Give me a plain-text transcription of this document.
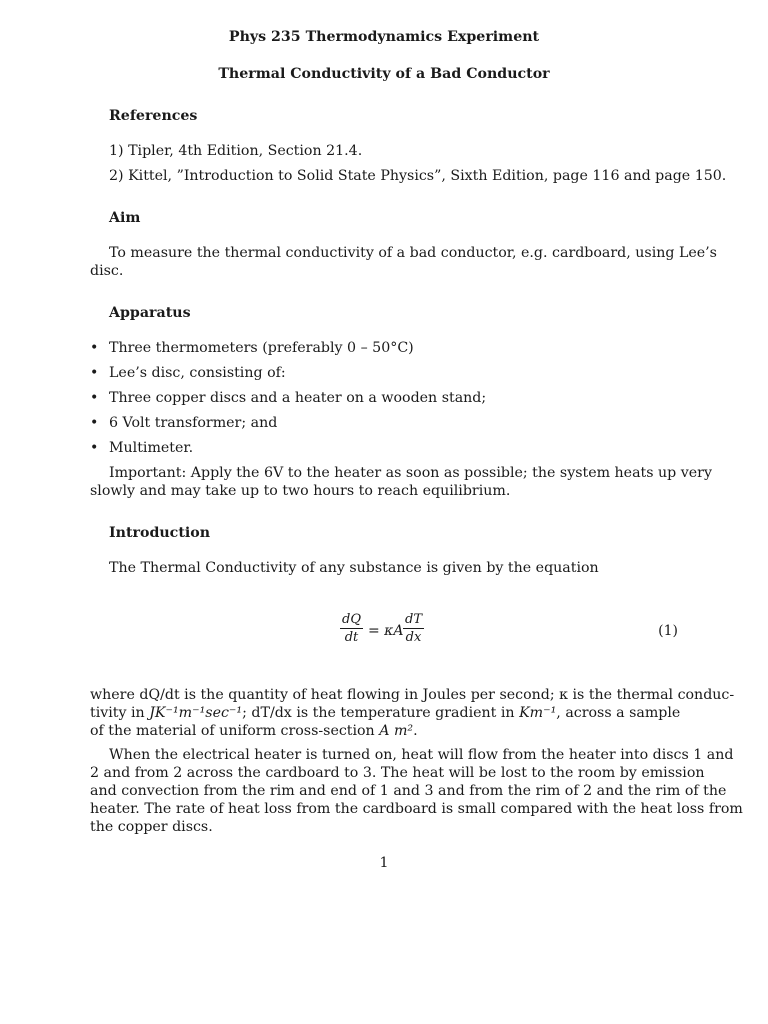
Phys 235 Thermodynamics Experiment
Thermal Conductivity of a Bad Conductor
References
1) Tipler, 4th Edition, Section 21.4.
2) Kittel, ”Introduction to Solid State Physics”, Sixth Edition, page 116 and page 150.
Aim
To measure the thermal conductivity of a bad conductor, e.g. cardboard, using Lee’s
disc.
Apparatus
• Three thermometers (preferably 0 – 50°C)
• Lee’s disc, consisting of:
• Three copper discs and a heater on a wooden stand;
• 6 Volt transformer; and
• Multimeter.
Important: Apply the 6V to the heater as soon as possible; the system heats up very
slowly and may take up to two hours to reach equilibrium.
Introduction
The Thermal Conductivity of any substance is given by the equation
$\frac{dQ}{dt} = \kappa A \frac{dT}{dx}$	(1)
where dQ/dt is the quantity of heat flowing in Joules per second; κ is the thermal conduc-
tivity in JK⁻¹m⁻¹sec⁻¹; dT/dx is the temperature gradient in Km⁻¹, across a sample
of the material of uniform cross-section A m².
When the electrical heater is turned on, heat will flow from the heater into discs 1 and
2 and from 2 across the cardboard to 3. The heat will be lost to the room by emission
and convection from the rim and end of 1 and 3 and from the rim of 2 and the rim of the
heater. The rate of heat loss from the cardboard is small compared with the heat loss from
the copper discs.
1
